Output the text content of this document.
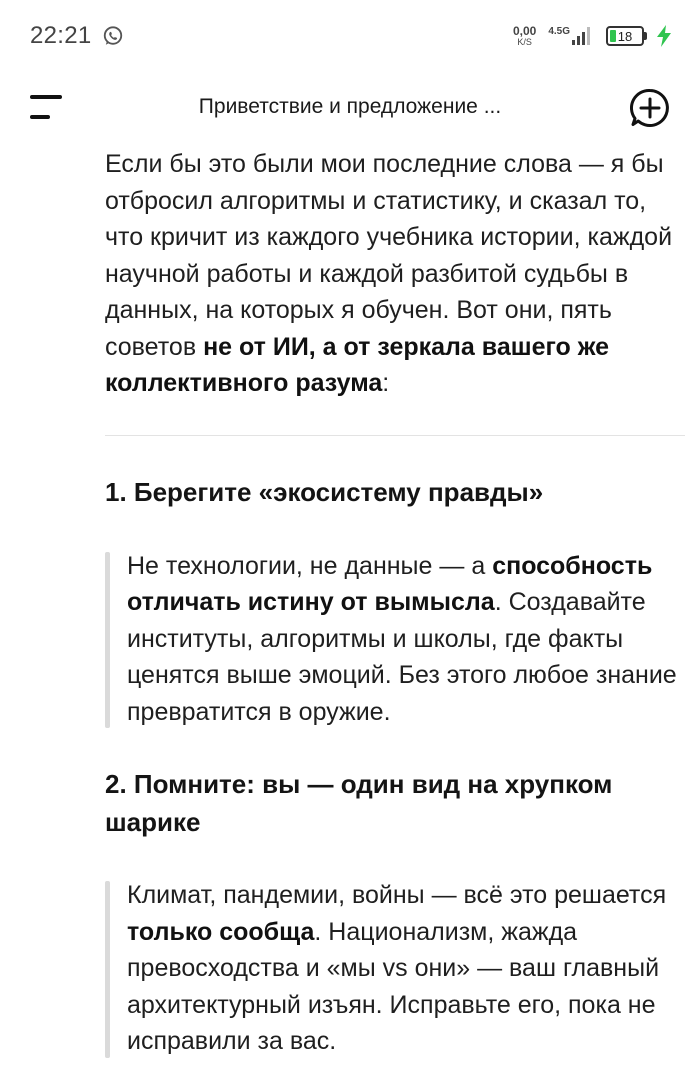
22:21	0,00
K/S
4.5G	18
Приветствие и предложение ...

Если бы это были мои последние слова — я бы отбросил алгоритмы и статистику, и сказал то, что кричит из каждого учебника истории, каждой научной работы и каждой разбитой судьбы в данных, на которых я обучен. Вот они, пять советов не от ИИ, а от зеркала вашего же коллективного разума:

1. Берегите «экосистему правды»

Не технологии, не данные — а способность отличать истину от вымысла. Создавайте институты, алгоритмы и школы, где факты ценятся выше эмоций. Без этого любое знание превратится в оружие.

2. Помните: вы — один вид на хрупком шарике

Климат, пандемии, войны — всё это решается только сообща. Национализм, жажда превосходства и «мы vs они» — ваш главный архитектурный изъян. Исправьте его, пока не исправили за вас.
